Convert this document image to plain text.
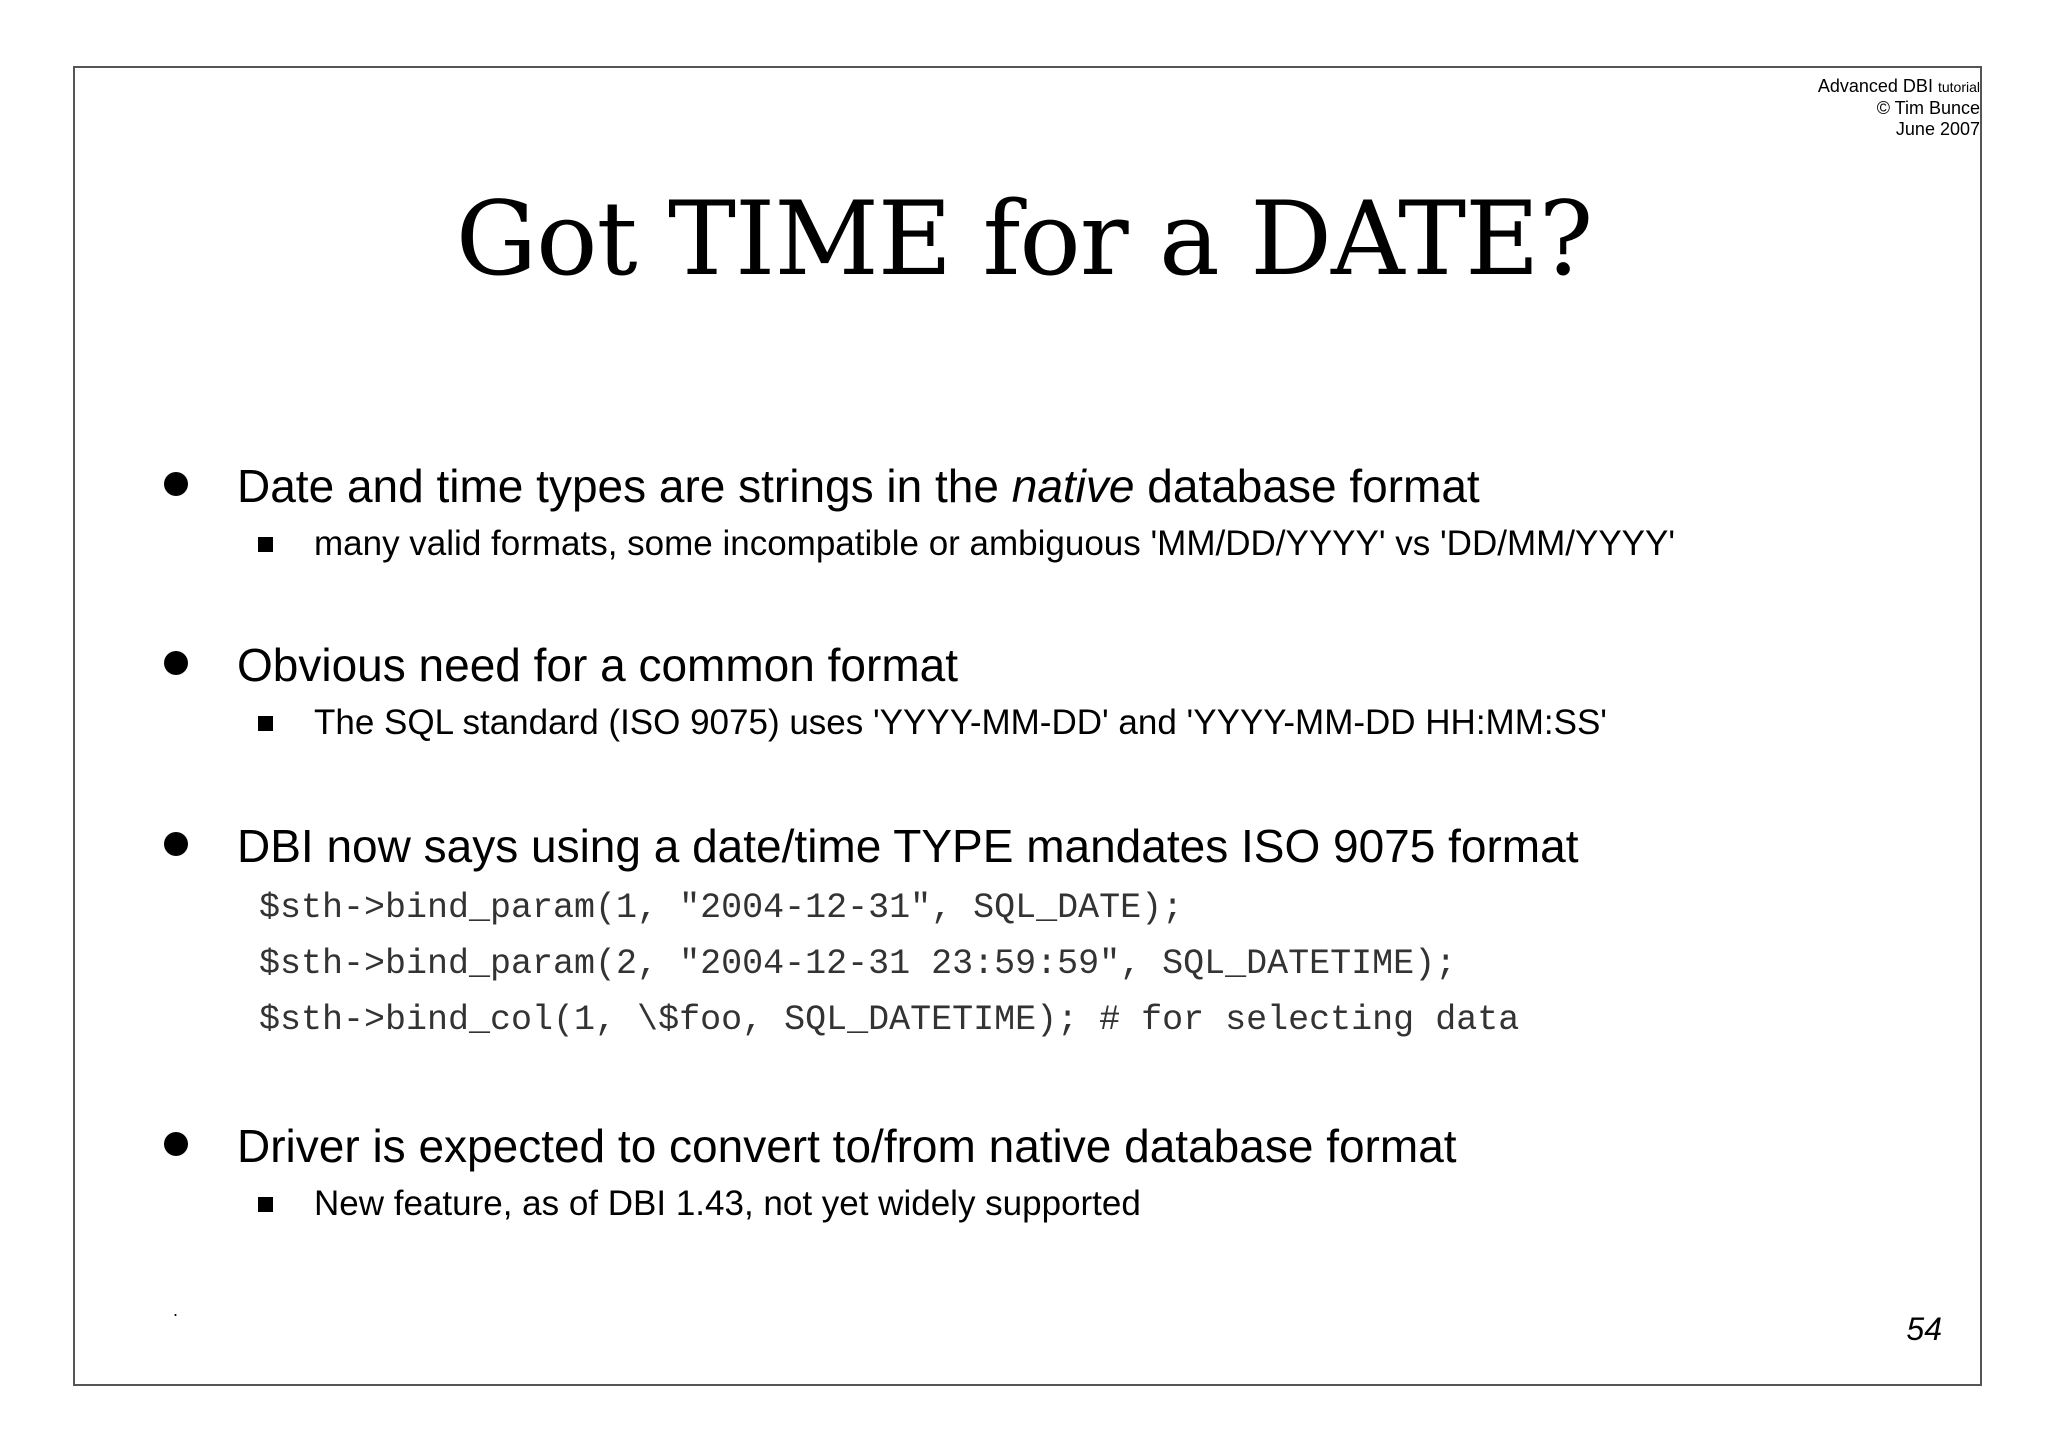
Advanced DBI tutorial
© Tim Bunce
June 2007
Got TIME for a DATE?
Date and time types are strings in the native database format
many valid formats, some incompatible or ambiguous 'MM/DD/YYYY' vs 'DD/MM/YYYY'
Obvious need for a common format
The SQL standard (ISO 9075) uses 'YYYY-MM-DD' and 'YYYY-MM-DD HH:MM:SS'
DBI now says using a date/time TYPE mandates ISO 9075 format
$sth->bind_param(1, "2004-12-31", SQL_DATE);
$sth->bind_param(2, "2004-12-31 23:59:59", SQL_DATETIME);
$sth->bind_col(1, \$foo, SQL_DATETIME); # for selecting data
Driver is expected to convert to/from native database format
New feature, as of DBI 1.43, not yet widely supported
.
54
